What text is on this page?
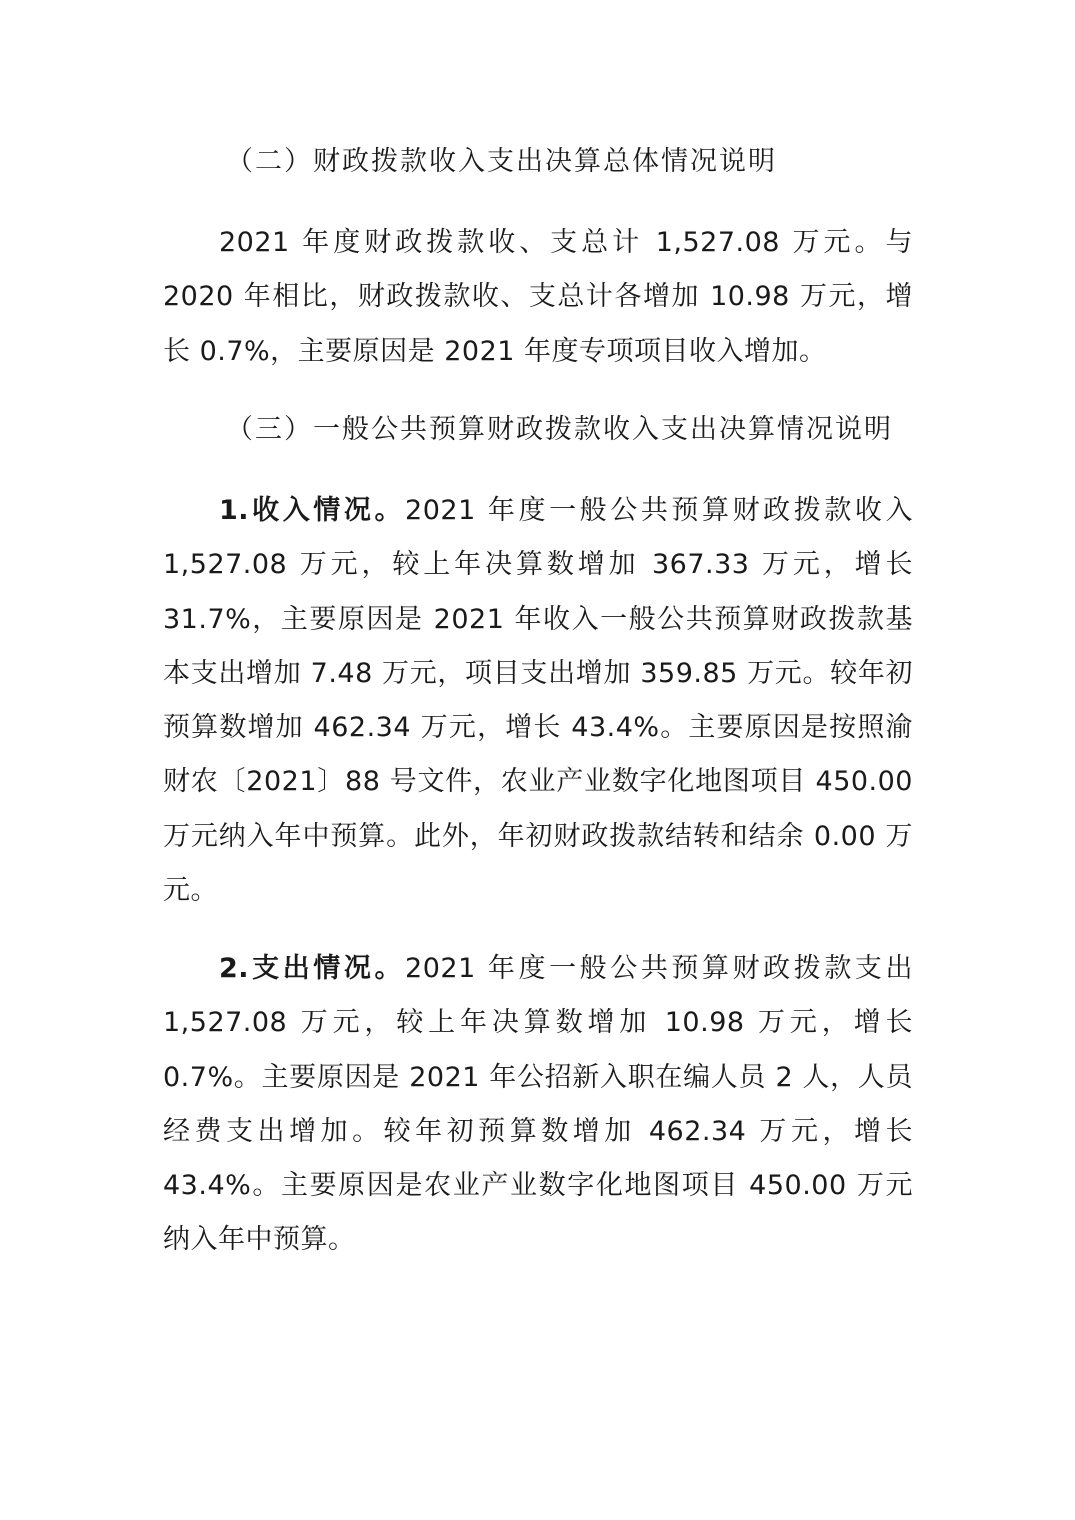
（二）财政拨款收入支出决算总体情况说明

2021 年度财政拨款收、支总计 1,527.08 万元。与 2020 年相比，财政拨款收、支总计各增加 10.98 万元，增长 0.7%，主要原因是 2021 年度专项项目收入增加。

（三）一般公共预算财政拨款收入支出决算情况说明

1.收入情况。2021 年度一般公共预算财政拨款收入 1,527.08 万元，较上年决算数增加 367.33 万元，增长 31.7%，主要原因是 2021 年收入一般公共预算财政拨款基本支出增加 7.48 万元，项目支出增加 359.85 万元。较年初预算数增加 462.34 万元，增长 43.4%。主要原因是按照渝财农〔2021〕88 号文件，农业产业数字化地图项目 450.00 万元纳入年中预算。此外，年初财政拨款结转和结余 0.00 万元。

2.支出情况。2021 年度一般公共预算财政拨款支出 1,527.08 万元，较上年决算数增加 10.98 万元，增长 0.7%。主要原因是 2021 年公招新入职在编人员 2 人，人员经费支出增加。较年初预算数增加 462.34 万元，增长 43.4%。主要原因是农业产业数字化地图项目 450.00 万元纳入年中预算。
